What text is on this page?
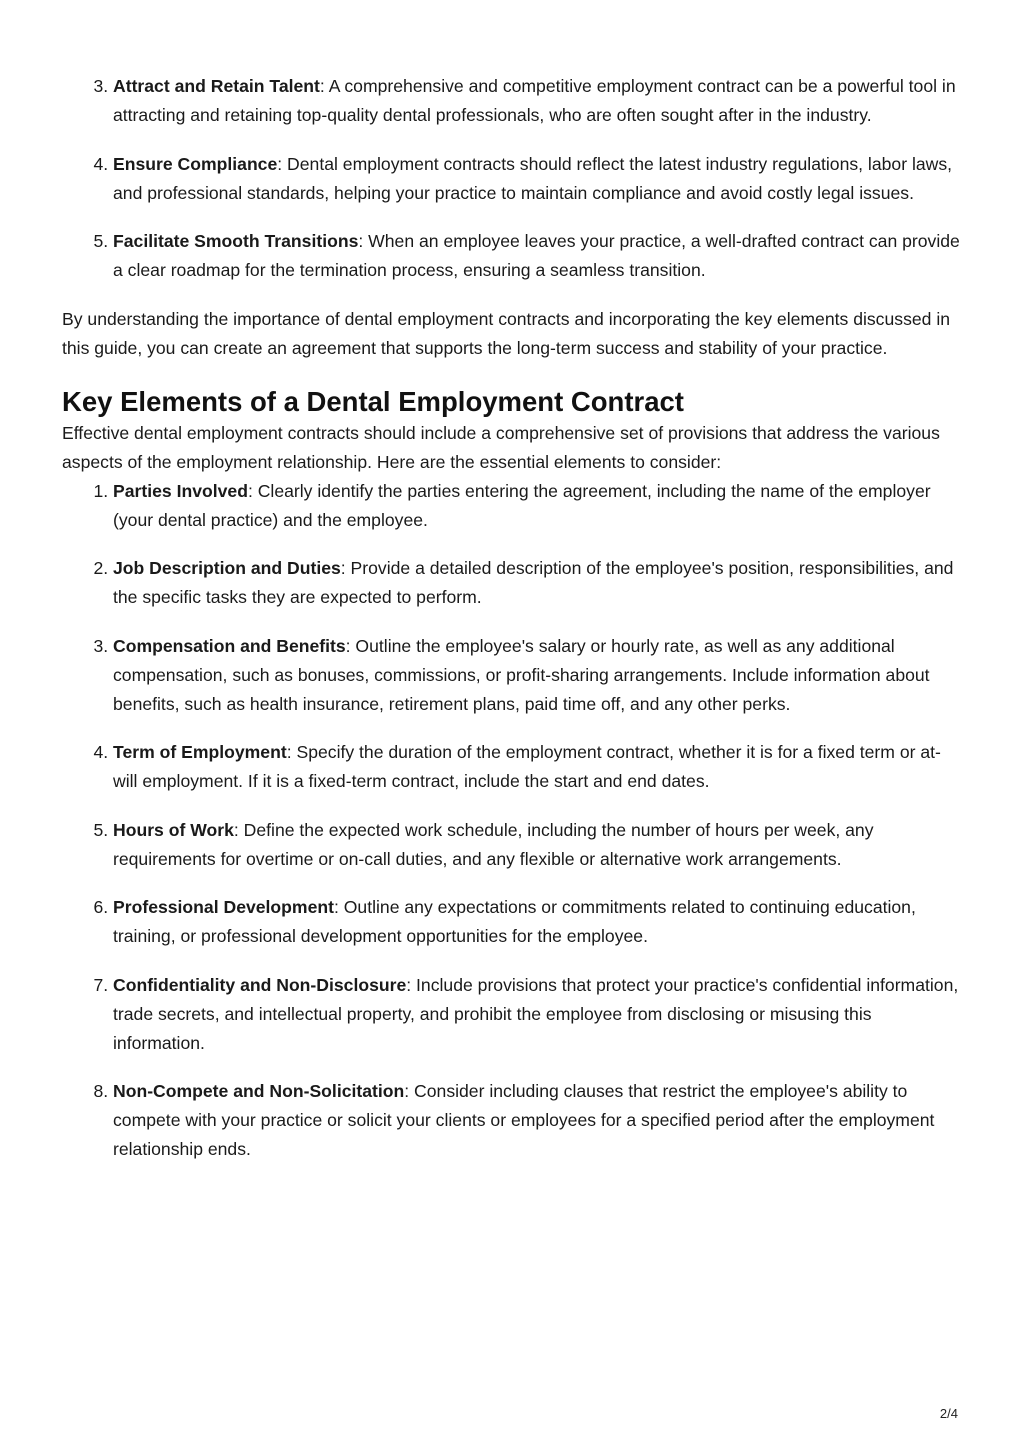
3. Attract and Retain Talent: A comprehensive and competitive employment contract can be a powerful tool in attracting and retaining top-quality dental professionals, who are often sought after in the industry.
4. Ensure Compliance: Dental employment contracts should reflect the latest industry regulations, labor laws, and professional standards, helping your practice to maintain compliance and avoid costly legal issues.
5. Facilitate Smooth Transitions: When an employee leaves your practice, a well-drafted contract can provide a clear roadmap for the termination process, ensuring a seamless transition.

By understanding the importance of dental employment contracts and incorporating the key elements discussed in this guide, you can create an agreement that supports the long-term success and stability of your practice.

Key Elements of a Dental Employment Contract

Effective dental employment contracts should include a comprehensive set of provisions that address the various aspects of the employment relationship. Here are the essential elements to consider:

1. Parties Involved: Clearly identify the parties entering the agreement, including the name of the employer (your dental practice) and the employee.
2. Job Description and Duties: Provide a detailed description of the employee's position, responsibilities, and the specific tasks they are expected to perform.
3. Compensation and Benefits: Outline the employee's salary or hourly rate, as well as any additional compensation, such as bonuses, commissions, or profit-sharing arrangements. Include information about benefits, such as health insurance, retirement plans, paid time off, and any other perks.
4. Term of Employment: Specify the duration of the employment contract, whether it is for a fixed term or at-will employment. If it is a fixed-term contract, include the start and end dates.
5. Hours of Work: Define the expected work schedule, including the number of hours per week, any requirements for overtime or on-call duties, and any flexible or alternative work arrangements.
6. Professional Development: Outline any expectations or commitments related to continuing education, training, or professional development opportunities for the employee.
7. Confidentiality and Non-Disclosure: Include provisions that protect your practice's confidential information, trade secrets, and intellectual property, and prohibit the employee from disclosing or misusing this information.
8. Non-Compete and Non-Solicitation: Consider including clauses that restrict the employee's ability to compete with your practice or solicit your clients or employees for a specified period after the employment relationship ends.
2/4
